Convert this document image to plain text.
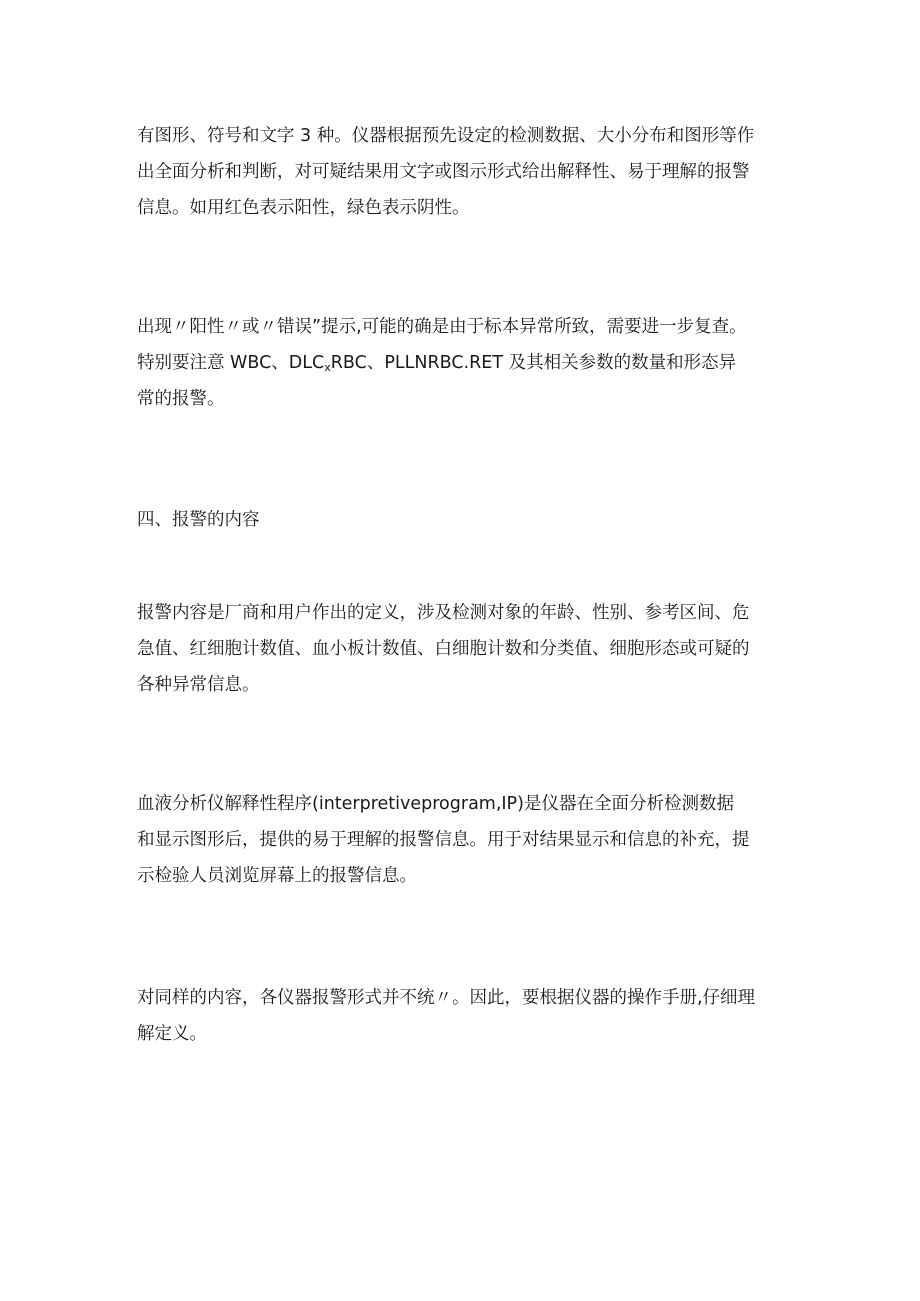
有图形、符号和文字 3 种。仪器根据预先设定的检测数据、大小分布和图形等作
出全面分析和判断，对可疑结果用文字或图示形式给出解释性、易于理解的报警
信息。如用红色表示阳性，绿色表示阴性。

出现〃阳性〃或〃错误”提示,可能的确是由于标本异常所致，需要进一步复查。
特别要注意 WBC、$DLC_xRBC$、PLLNRBC.RET 及其相关参数的数量和形态异
常的报警。

四、报警的内容

报警内容是厂商和用户作出的定义，涉及检测对象的年龄、性别、参考区间、危
急值、红细胞计数值、血小板计数值、白细胞计数和分类值、细胞形态或可疑的
各种异常信息。

血液分析仪解释性程序(interpretiveprogram,IP)是仪器在全面分析检测数据
和显示图形后，提供的易于理解的报警信息。用于对结果显示和信息的补充，提
示检验人员浏览屏幕上的报警信息。

对同样的内容，各仪器报警形式并不统〃。因此，要根据仪器的操作手册,仔细理
解定义。
